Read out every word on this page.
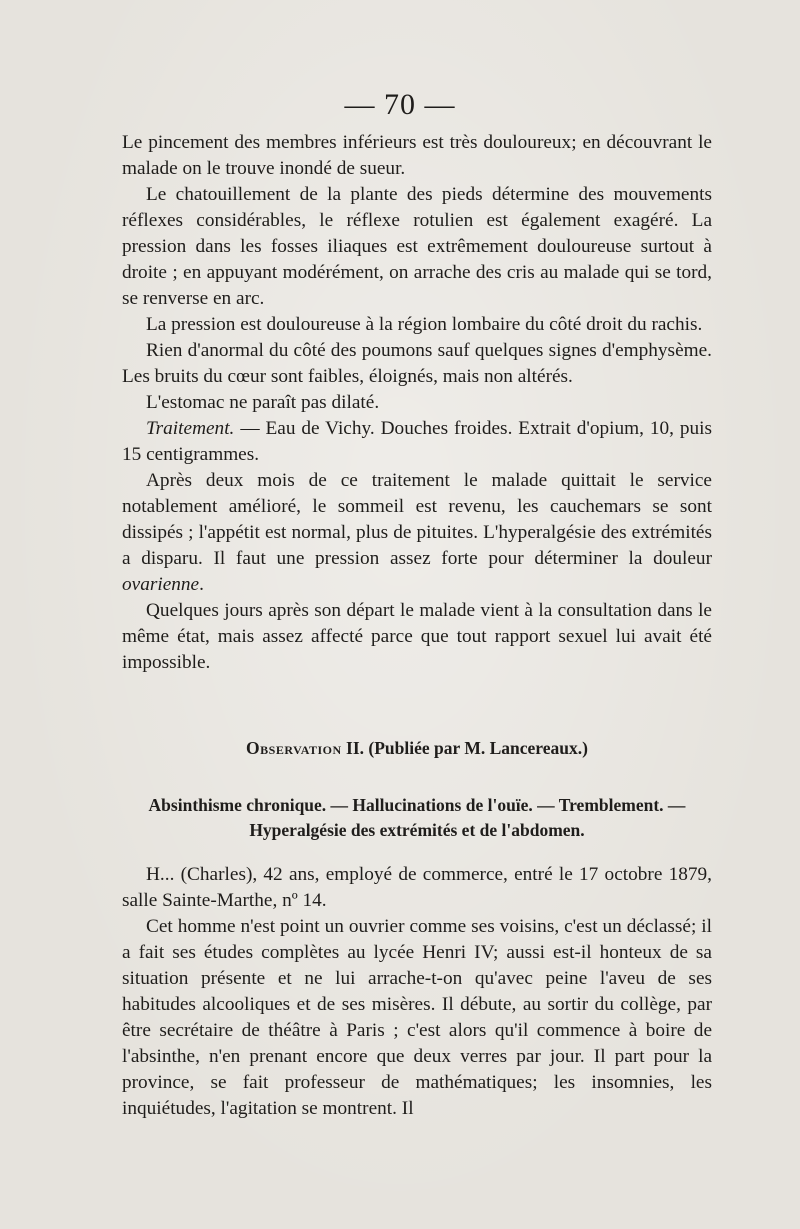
— 70 —

Le pincement des membres inférieurs est très douloureux; en découvrant le malade on le trouve inondé de sueur.

Le chatouillement de la plante des pieds détermine des mouvements réflexes considérables, le réflexe rotulien est également exagéré. La pression dans les fosses iliaques est extrêmement douloureuse surtout à droite ; en appuyant modérément, on arrache des cris au malade qui se tord, se renverse en arc.

La pression est douloureuse à la région lombaire du côté droit du rachis.

Rien d'anormal du côté des poumons sauf quelques signes d'emphysème. Les bruits du cœur sont faibles, éloignés, mais non altérés.

L'estomac ne paraît pas dilaté.

Traitement. — Eau de Vichy. Douches froides. Extrait d'opium, 10, puis 15 centigrammes.

Après deux mois de ce traitement le malade quittait le service notablement amélioré, le sommeil est revenu, les cauchemars se sont dissipés ; l'appétit est normal, plus de pituites. L'hyperalgésie des extrémités a disparu. Il faut une pression assez forte pour déterminer la douleur ovarienne.

Quelques jours après son départ le malade vient à la consultation dans le même état, mais assez affecté parce que tout rapport sexuel lui avait été impossible.

Observation II. (Publiée par M. Lancereaux.)
Absinthisme chronique. — Hallucinations de l'ouïe. — Tremblement. —
Hyperalgésie des extrémités et de l'abdomen.

H... (Charles), 42 ans, employé de commerce, entré le 17 octobre 1879, salle Sainte-Marthe, nº 14.

Cet homme n'est point un ouvrier comme ses voisins, c'est un déclassé; il a fait ses études complètes au lycée Henri IV; aussi est-il honteux de sa situation présente et ne lui arrache-t-on qu'avec peine l'aveu de ses habitudes alcooliques et de ses misères. Il débute, au sortir du collège, par être secrétaire de théâtre à Paris ; c'est alors qu'il commence à boire de l'absinthe, n'en prenant encore que deux verres par jour. Il part pour la province, se fait professeur de mathématiques; les insomnies, les inquiétudes, l'agitation se montrent. Il
